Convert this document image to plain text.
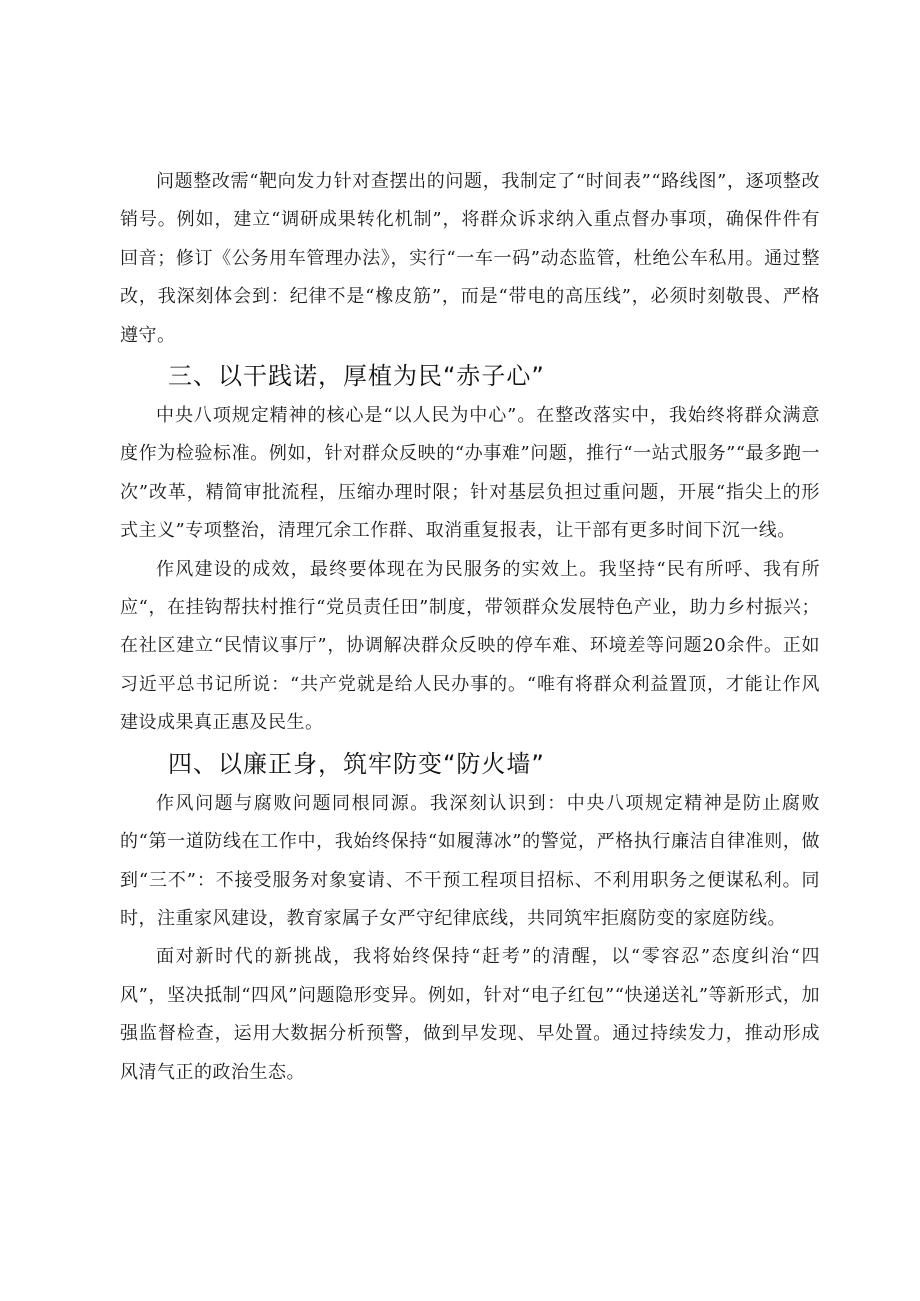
问题整改需“靶向发力针对查摆出的问题，我制定了“时间表”“路线图”，逐项整改销号。例如，建立“调研成果转化机制”，将群众诉求纳入重点督办事项，确保件件有回音；修订《公务用车管理办法》，实行“一车一码”动态监管，杜绝公车私用。通过整改，我深刻体会到：纪律不是“橡皮筋”，而是“带电的高压线”，必须时刻敬畏、严格遵守。

三、以干践诺，厚植为民“赤子心”

中央八项规定精神的核心是“以人民为中心”。在整改落实中，我始终将群众满意度作为检验标准。例如，针对群众反映的“办事难”问题，推行“一站式服务”“最多跑一次”改革，精简审批流程，压缩办理时限；针对基层负担过重问题，开展“指尖上的形式主义”专项整治，清理冗余工作群、取消重复报表，让干部有更多时间下沉一线。

作风建设的成效，最终要体现在为民服务的实效上。我坚持“民有所呼、我有所应“，在挂钩帮扶村推行“党员责任田”制度，带领群众发展特色产业，助力乡村振兴；在社区建立“民情议事厅”，协调解决群众反映的停车难、环境差等问题20余件。正如习近平总书记所说：“共产党就是给人民办事的。“唯有将群众利益置顶，才能让作风建设成果真正惠及民生。

四、以廉正身，筑牢防变“防火墙”

作风问题与腐败问题同根同源。我深刻认识到：中央八项规定精神是防止腐败的“第一道防线在工作中，我始终保持“如履薄冰”的警觉，严格执行廉洁自律准则，做到“三不”：不接受服务对象宴请、不干预工程项目招标、不利用职务之便谋私利。同时，注重家风建设，教育家属子女严守纪律底线，共同筑牢拒腐防变的家庭防线。

面对新时代的新挑战，我将始终保持“赶考”的清醒，以“零容忍”态度纠治“四风”，坚决抵制“四风”问题隐形变异。例如，针对“电子红包”“快递送礼”等新形式，加强监督检查，运用大数据分析预警，做到早发现、早处置。通过持续发力，推动形成风清气正的政治生态。
